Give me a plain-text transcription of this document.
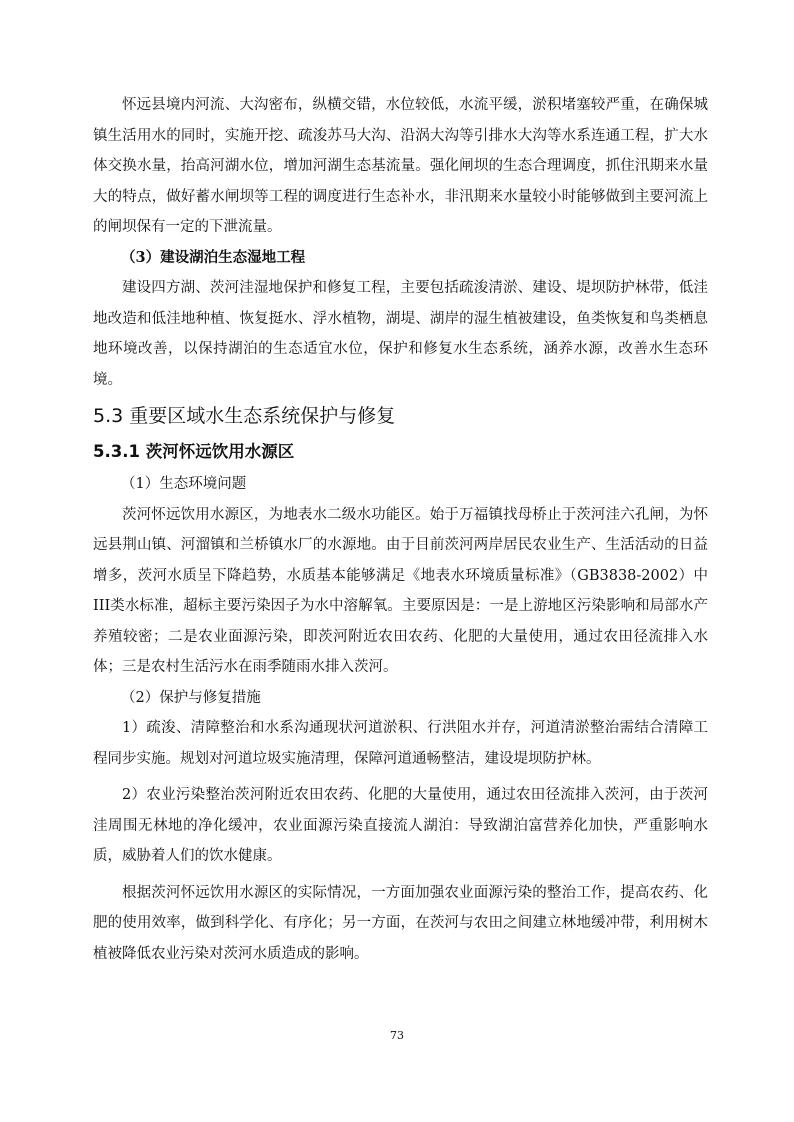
怀远县境内河流、大沟密布，纵横交错，水位较低，水流平缓，淤积堵塞较严重，在确保城镇生活用水的同时，实施开挖、疏浚苏马大沟、沿涡大沟等引排水大沟等水系连通工程，扩大水体交换水量，抬高河湖水位，增加河湖生态基流量。强化闸坝的生态合理调度，抓住汛期来水量大的特点，做好蓄水闸坝等工程的调度进行生态补水，非汛期来水量较小时能够做到主要河流上的闸坝保有一定的下泄流量。

（3）建设湖泊生态湿地工程

建设四方湖、茨河洼湿地保护和修复工程，主要包括疏浚清淤、建设、堤坝防护林带，低洼地改造和低洼地种植、恢复挺水、浮水植物，湖堤、湖岸的湿生植被建设，鱼类恢复和鸟类栖息地环境改善，以保持湖泊的生态适宜水位，保护和修复水生态系统，涵养水源，改善水生态环境。

5.3 重要区域水生态系统保护与修复
5.3.1 茨河怀远饮用水源区

（1）生态环境问题

茨河怀远饮用水源区，为地表水二级水功能区。始于万福镇找母桥止于茨河洼六孔闸，为怀远县荆山镇、河溜镇和兰桥镇水厂的水源地。由于目前茨河两岸居民农业生产、生活活动的日益增多，茨河水质呈下降趋势，水质基本能够满足《地表水环境质量标准》（GB3838-2002）中III类水标准，超标主要污染因子为水中溶解氧。主要原因是：一是上游地区污染影响和局部水产养殖较密；二是农业面源污染，即茨河附近农田农药、化肥的大量使用，通过农田径流排入水体；三是农村生活污水在雨季随雨水排入茨河。

（2）保护与修复措施

1）疏浚、清障整治和水系沟通现状河道淤积、行洪阻水并存，河道清淤整治需结合清障工程同步实施。规划对河道垃圾实施清理，保障河道通畅整洁，建设堤坝防护林。

2）农业污染整治茨河附近农田农药、化肥的大量使用，通过农田径流排入茨河，由于茨河洼周围无林地的净化缓冲，农业面源污染直接流人湖泊：导致湖泊富营养化加快，严重影响水质，威胁着人们的饮水健康。

根据茨河怀远饮用水源区的实际情况，一方面加强农业面源污染的整治工作，提高农药、化肥的使用效率，做到科学化、有序化；另一方面，在茨河与农田之间建立林地缓冲带，利用树木植被降低农业污染对茨河水质造成的影响。

73
